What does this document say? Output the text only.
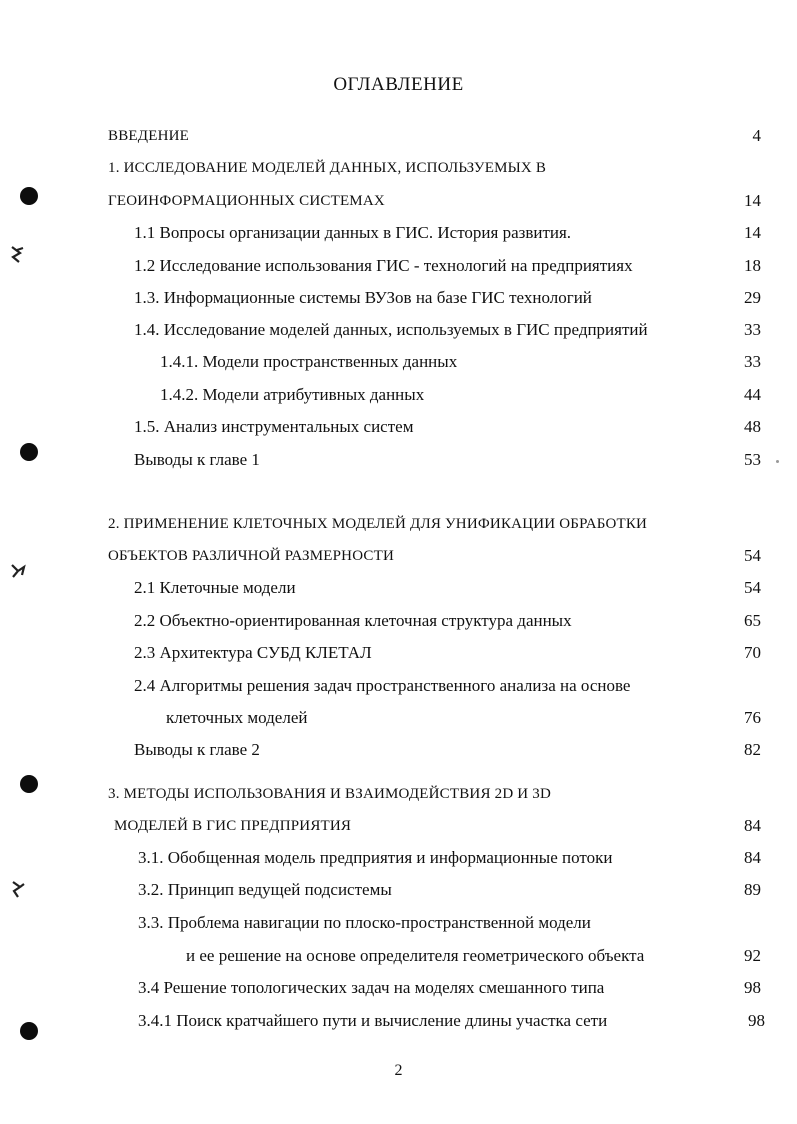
ОГЛАВЛЕНИЕ
ВВЕДЕНИЕ	4
1. ИССЛЕДОВАНИЕ МОДЕЛЕЙ ДАННЫХ, ИСПОЛЬЗУЕМЫХ В
ГЕОИНФОРМАЦИОННЫХ СИСТЕМАХ	14
1.1 Вопросы организации данных в ГИС. История развития.	14
1.2 Исследование использования ГИС - технологий на предприятиях	18
1.3. Информационные системы ВУЗов на базе ГИС технологий	29
1.4. Исследование моделей данных, используемых в ГИС предприятий	33
1.4.1. Модели пространственных данных	33
1.4.2. Модели атрибутивных данных	44
1.5. Анализ инструментальных систем	48
Выводы к главе 1	53
2. ПРИМЕНЕНИЕ КЛЕТОЧНЫХ МОДЕЛЕЙ ДЛЯ УНИФИКАЦИИ ОБРАБОТКИ
ОБЪЕКТОВ РАЗЛИЧНОЙ РАЗМЕРНОСТИ	54
2.1 Клеточные модели	54
2.2 Объектно-ориентированная клеточная структура данных	65
2.3 Архитектура СУБД КЛЕТАЛ	70
2.4 Алгоритмы решения задач пространственного анализа на основе
клеточных моделей	76
Выводы к главе 2	82
3. МЕТОДЫ ИСПОЛЬЗОВАНИЯ И ВЗАИМОДЕЙСТВИЯ 2D И 3D
МОДЕЛЕЙ В ГИС ПРЕДПРИЯТИЯ	84
3.1. Обобщенная модель предприятия и информационные потоки	84
3.2. Принцип ведущей подсистемы	89
3.3. Проблема навигации по плоско-пространственной модели
и ее решение на основе определителя геометрического объекта	92
3.4 Решение топологических задач на моделях смешанного типа	98
3.4.1 Поиск кратчайшего пути и вычисление длины участка сети	98
2
